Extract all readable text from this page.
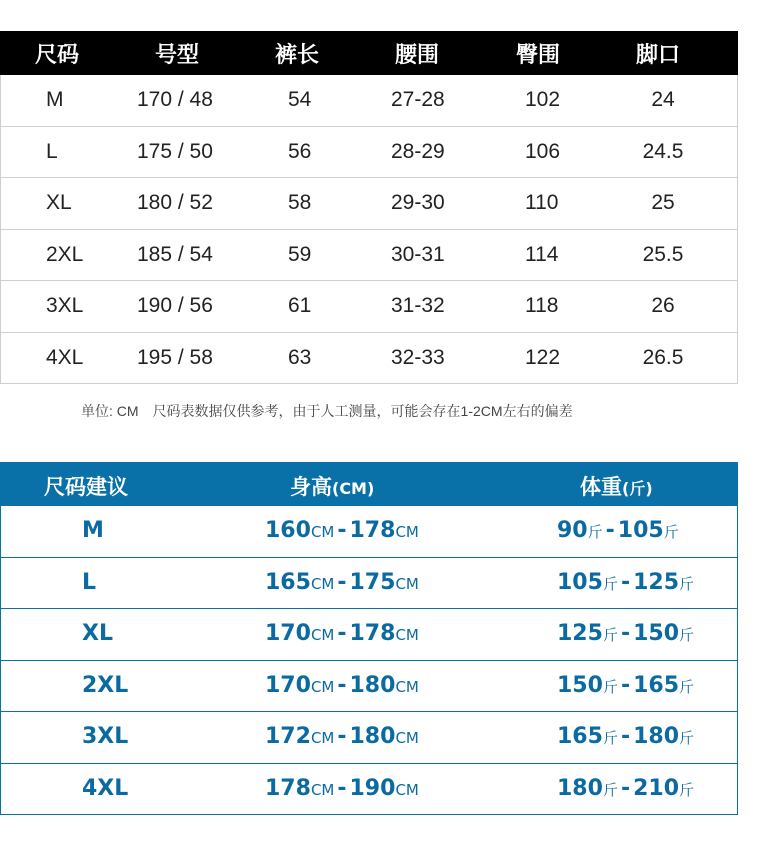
尺码	号型	裤长	腰围	臀围	脚口
M	170 / 48	54	27-28	102	24
L	175 / 50	56	28-29	106	24.5
XL	180 / 52	58	29-30	110	25
2XL	185 / 54	59	30-31	114	25.5
3XL	190 / 56	61	31-32	118	26
4XL	195 / 58	63	32-33	122	26.5
单位: CM 尺码表数据仅供参考，由于人工测量，可能会存在1-2CM左右的偏差
尺码建议	身高(CM)	体重(斤)
M	160CM - 178CM	90斤 - 105斤
L	165CM - 175CM	105斤 - 125斤
XL	170CM - 178CM	125斤 - 150斤
2XL	170CM - 180CM	150斤 - 165斤
3XL	172CM - 180CM	165斤 - 180斤
4XL	178CM - 190CM	180斤 - 210斤
